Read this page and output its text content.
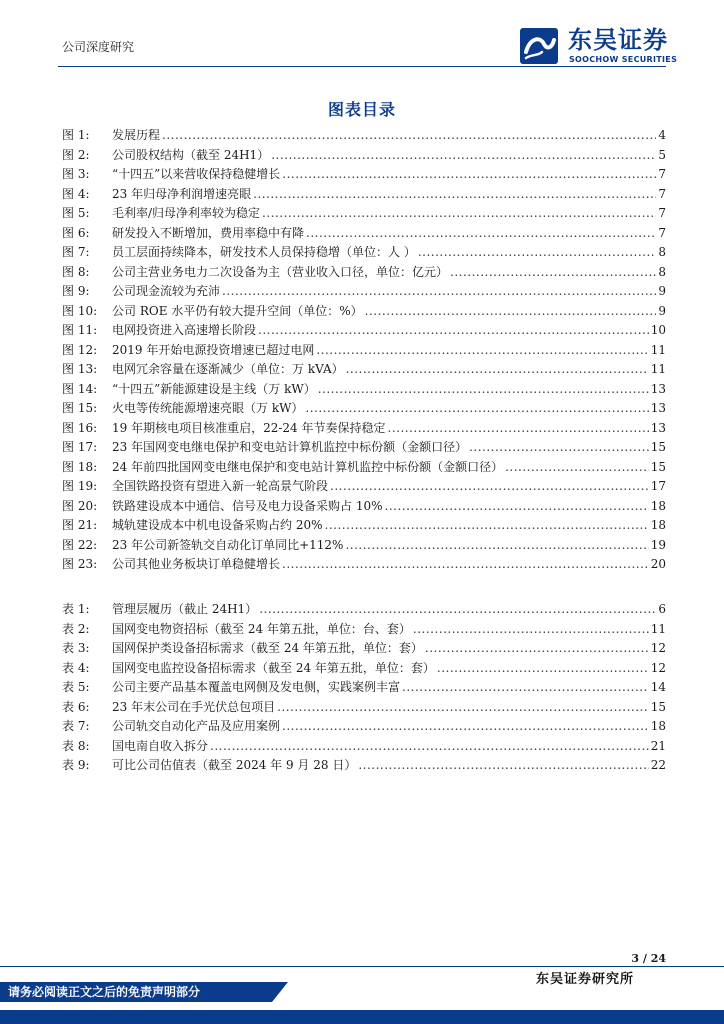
公司深度研究	东吴证券
SOOCHOW SECURITIES
图表目录
图 1:	发展历程 .....	4
图 2:	公司股权结构（截至 24H1） .....	5
图 3:	“十四五”以来营收保持稳健增长 .....	7
图 4:	23 年归母净利润增速亮眼 .....	7
图 5:	毛利率/归母净利率较为稳定 .....	7
图 6:	研发投入不断增加，费用率稳中有降 .....	7
图 7:	员工层面持续降本，研发技术人员保持稳增（单位：人 ） .....	8
图 8:	公司主营业务电力二次设备为主（营业收入口径，单位：亿元） .....	8
图 9:	公司现金流较为充沛 .....	9
图 10:	公司 ROE 水平仍有较大提升空间（单位：%） .....	9
图 11:	电网投资进入高速增长阶段 .....	10
图 12:	2019 年开始电源投资增速已超过电网 .....	11
图 13:	电网冗余容量在逐渐减少（单位：万 kVA） .....	11
图 14:	“十四五”新能源建设是主线（万 kW） .....	13
图 15:	火电等传统能源增速亮眼（万 kW） .....	13
图 16:	19 年期核电项目核准重启，22-24 年节奏保持稳定 .....	13
图 17:	23 年国网变电继电保护和变电站计算机监控中标份额（金额口径） .....	15
图 18:	24 年前四批国网变电继电保护和变电站计算机监控中标份额（金额口径） .....	15
图 19:	全国铁路投资有望进入新一轮高景气阶段 .....	17
图 20:	铁路建设成本中通信、信号及电力设备采购占 10% .....	18
图 21:	城轨建设成本中机电设备采购占约 20% .....	18
图 22:	23 年公司新签轨交自动化订单同比+112% .....	19
图 23:	公司其他业务板块订单稳健增长 .....	20
表 1:	管理层履历（截止 24H1） .....	6
表 2:	国网变电物资招标（截至 24 年第五批，单位：台、套） .....	11
表 3:	国网保护类设备招标需求（截至 24 年第五批，单位：套） .....	12
表 4:	国网变电监控设备招标需求（截至 24 年第五批，单位：套） .....	12
表 5:	公司主要产品基本覆盖电网侧及发电侧，实践案例丰富 .....	14
表 6:	23 年末公司在手光伏总包项目 .....	15
表 7:	公司轨交自动化产品及应用案例 .....	18
表 8:	国电南自收入拆分 .....	21
表 9:	可比公司估值表（截至 2024 年 9 月 28 日） .....	22
3 / 24
请务必阅读正文之后的免责声明部分
东吴证券研究所
